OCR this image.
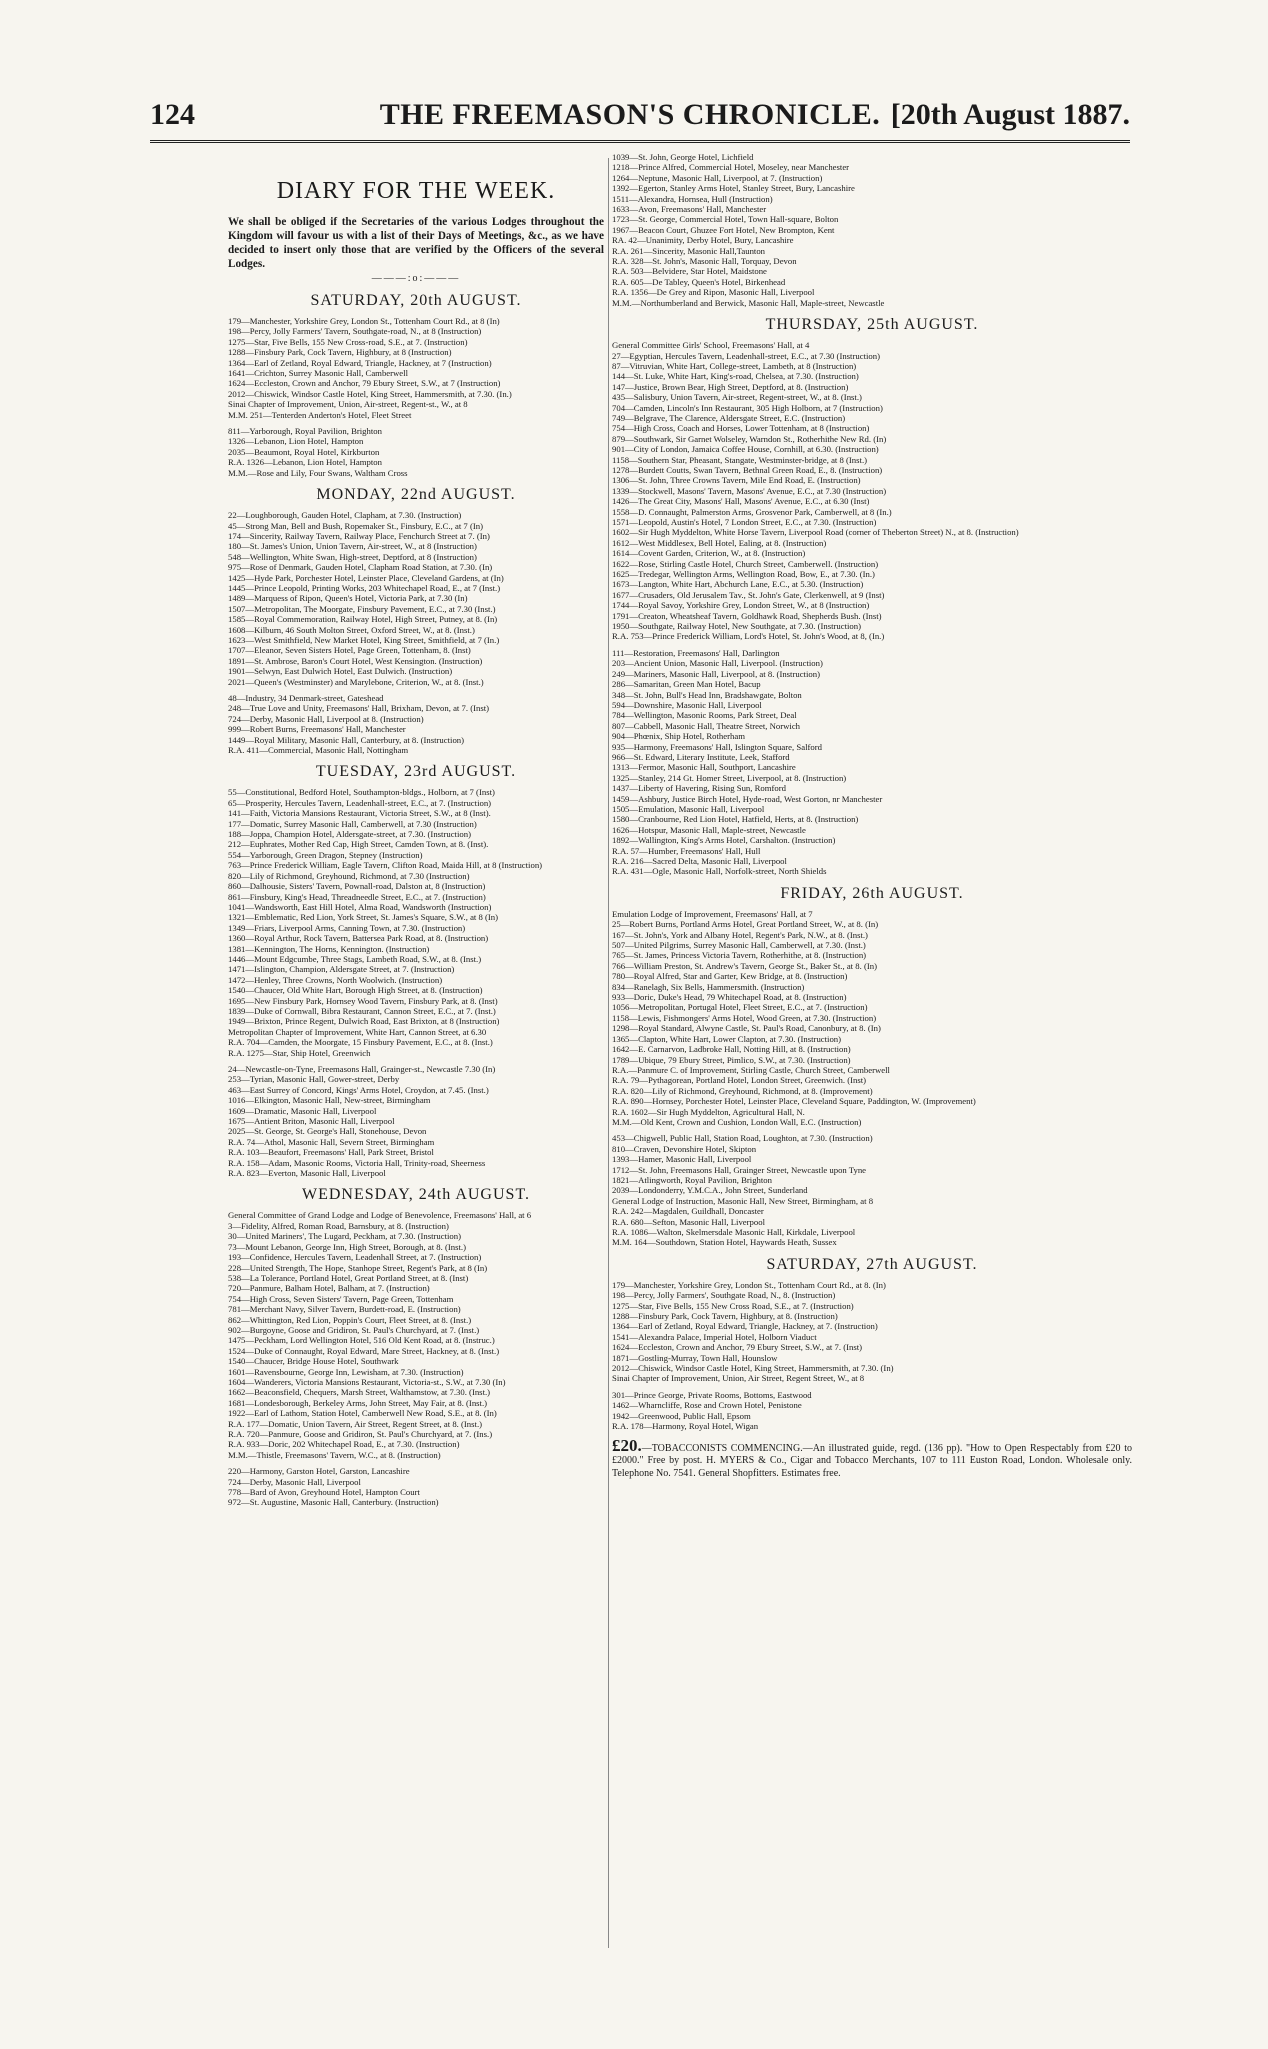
124	THE FREEMASON'S CHRONICLE. [20th August 1887.
DIARY FOR THE WEEK.
We shall be obliged if the Secretaries of the various Lodges throughout the Kingdom will favour us with a list of their Days of Meetings, &c., as we have decided to insert only those that are verified by the Officers of the several Lodges.
———:o:———
SATURDAY, 20th AUGUST.
179—Manchester, Yorkshire Grey, London St., Tottenham Court Rd., at 8 (In)
198—Percy, Jolly Farmers' Tavern, Southgate-road, N., at 8 (Instruction)
1275—Star, Five Bells, 155 New Cross-road, S.E., at 7. (Instruction)
1288—Finsbury Park, Cock Tavern, Highbury, at 8 (Instruction)
1364—Earl of Zetland, Royal Edward, Triangle, Hackney, at 7 (Instruction)
1641—Crichton, Surrey Masonic Hall, Camberwell
1624—Eccleston, Crown and Anchor, 79 Ebury Street, S.W., at 7 (Instruction)
2012—Chiswick, Windsor Castle Hotel, King Street, Hammersmith, at 7.30. (In.)
Sinai Chapter of Improvement, Union, Air-street, Regent-st., W., at 8
M.M. 251—Tenterden Anderton's Hotel, Fleet Street
811—Yarborough, Royal Pavilion, Brighton
1326—Lebanon, Lion Hotel, Hampton
2035—Beaumont, Royal Hotel, Kirkburton
R.A. 1326—Lebanon, Lion Hotel, Hampton
M.M.—Rose and Lily, Four Swans, Waltham Cross
MONDAY, 22nd AUGUST.
22—Loughborough, Gauden Hotel, Clapham, at 7.30. (Instruction)
45—Strong Man, Bell and Bush, Ropemaker St., Finsbury, E.C., at 7 (In)
174—Sincerity, Railway Tavern, Railway Place, Fenchurch Street at 7. (In)
180—St. James's Union, Union Tavern, Air-street, W., at 8 (Instruction)
548—Wellington, White Swan, High-street, Deptford, at 8 (Instruction)
975—Rose of Denmark, Gauden Hotel, Clapham Road Station, at 7.30. (In)
1425—Hyde Park, Porchester Hotel, Leinster Place, Cleveland Gardens, at (In)
1445—Prince Leopold, Printing Works, 203 Whitechapel Road, E., at 7 (Inst.)
1489—Marquess of Ripon, Queen's Hotel, Victoria Park, at 7.30 (In)
1507—Metropolitan, The Moorgate, Finsbury Pavement, E.C., at 7.30 (Inst.)
1585—Royal Commemoration, Railway Hotel, High Street, Putney, at 8. (In)
1608—Kilburn, 46 South Molton Street, Oxford Street, W., at 8. (Inst.)
1623—West Smithfield, New Market Hotel, King Street, Smithfield, at 7 (In.)
1707—Eleanor, Seven Sisters Hotel, Page Green, Tottenham, 8. (Inst)
1891—St. Ambrose, Baron's Court Hotel, West Kensington. (Instruction)
1901—Selwyn, East Dulwich Hotel, East Dulwich. (Instruction)
2021—Queen's (Westminster) and Marylebone, Criterion, W., at 8. (Inst.)
48—Industry, 34 Denmark-street, Gateshead
248—True Love and Unity, Freemasons' Hall, Brixham, Devon, at 7. (Inst)
724—Derby, Masonic Hall, Liverpool at 8. (Instruction)
999—Robert Burns, Freemasons' Hall, Manchester
1449—Royal Military, Masonic Hall, Canterbury, at 8. (Instruction)
R.A. 411—Commercial, Masonic Hall, Nottingham
TUESDAY, 23rd AUGUST.
55—Constitutional, Bedford Hotel, Southampton-bldgs., Holborn, at 7 (Inst)
65—Prosperity, Hercules Tavern, Leadenhall-street, E.C., at 7. (Instruction)
141—Faith, Victoria Mansions Restaurant, Victoria Street, S.W., at 8 (Inst).
177—Domatic, Surrey Masonic Hall, Camberwell, at 7.30 (Instruction)
188—Joppa, Champion Hotel, Aldersgate-street, at 7.30. (Instruction)
212—Euphrates, Mother Red Cap, High Street, Camden Town, at 8. (Inst).
554—Yarborough, Green Dragon, Stepney (Instruction)
763—Prince Frederick William, Eagle Tavern, Clifton Road, Maida Hill, at 8 (Instruction)
820—Lily of Richmond, Greyhound, Richmond, at 7.30 (Instruction)
860—Dalhousie, Sisters' Tavern, Pownall-road, Dalston at, 8 (Instruction)
861—Finsbury, King's Head, Threadneedle Street, E.C., at 7. (Instruction)
1041—Wandsworth, East Hill Hotel, Alma Road, Wandsworth (Instruction)
1321—Emblematic, Red Lion, York Street, St. James's Square, S.W., at 8 (In)
1349—Friars, Liverpool Arms, Canning Town, at 7.30. (Instruction)
1360—Royal Arthur, Rock Tavern, Battersea Park Road, at 8. (Instruction)
1381—Kennington, The Horns, Kennington. (Instruction)
1446—Mount Edgcumbe, Three Stags, Lambeth Road, S.W., at 8. (Inst.)
1471—Islington, Champion, Aldersgate Street, at 7. (Instruction)
1472—Henley, Three Crowns, North Woolwich. (Instruction)
1540—Chaucer, Old White Hart, Borough High Street, at 8. (Instruction)
1695—New Finsbury Park, Hornsey Wood Tavern, Finsbury Park, at 8. (Inst)
1839—Duke of Cornwall, Bibra Restaurant, Cannon Street, E.C., at 7. (Inst.)
1949—Brixton, Prince Regent, Dulwich Road, East Brixton, at 8 (Instruction)
Metropolitan Chapter of Improvement, White Hart, Cannon Street, at 6.30
R.A. 704—Camden, the Moorgate, 15 Finsbury Pavement, E.C., at 8. (Inst.)
R.A. 1275—Star, Ship Hotel, Greenwich
24—Newcastle-on-Tyne, Freemasons Hall, Grainger-st., Newcastle 7.30 (In)
253—Tyrian, Masonic Hall, Gower-street, Derby
463—East Surrey of Concord, Kings' Arms Hotel, Croydon, at 7.45. (Inst.)
1016—Elkington, Masonic Hall, New-street, Birmingham
1609—Dramatic, Masonic Hall, Liverpool
1675—Antient Briton, Masonic Hall, Liverpool
2025—St. George, St. George's Hall, Stonehouse, Devon
R.A. 74—Athol, Masonic Hall, Severn Street, Birmingham
R.A. 103—Beaufort, Freemasons' Hall, Park Street, Bristol
R.A. 158—Adam, Masonic Rooms, Victoria Hall, Trinity-road, Sheerness
R.A. 823—Everton, Masonic Hall, Liverpool
WEDNESDAY, 24th AUGUST.
General Committee of Grand Lodge and Lodge of Benevolence, Freemasons' Hall, at 6
3—Fidelity, Alfred, Roman Road, Barnsbury, at 8. (Instruction)
30—United Mariners', The Lugard, Peckham, at 7.30. (Instruction)
73—Mount Lebanon, George Inn, High Street, Borough, at 8. (Inst.)
193—Confidence, Hercules Tavern, Leadenhall Street, at 7. (Instruction)
228—United Strength, The Hope, Stanhope Street, Regent's Park, at 8 (In)
538—La Tolerance, Portland Hotel, Great Portland Street, at 8. (Inst)
720—Panmure, Balham Hotel, Balham, at 7. (Instruction)
754—High Cross, Seven Sisters' Tavern, Page Green, Tottenham
781—Merchant Navy, Silver Tavern, Burdett-road, E. (Instruction)
862—Whittington, Red Lion, Poppin's Court, Fleet Street, at 8. (Inst.)
902—Burgoyne, Goose and Gridiron, St. Paul's Churchyard, at 7. (Inst.)
1475—Peckham, Lord Wellington Hotel, 516 Old Kent Road, at 8. (Instruc.)
1524—Duke of Connaught, Royal Edward, Mare Street, Hackney, at 8. (Inst.)
1540—Chaucer, Bridge House Hotel, Southwark
1601—Ravensbourne, George Inn, Lewisham, at 7.30. (Instruction)
1604—Wanderers, Victoria Mansions Restaurant, Victoria-st., S.W., at 7.30 (In)
1662—Beaconsfield, Chequers, Marsh Street, Walthamstow, at 7.30. (Inst.)
1681—Londesborough, Berkeley Arms, John Street, May Fair, at 8. (Inst.)
1922—Earl of Lathom, Station Hotel, Camberwell New Road, S.E., at 8. (In)
R.A. 177—Domatic, Union Tavern, Air Street, Regent Street, at 8. (Inst.)
R.A. 720—Panmure, Goose and Gridiron, St. Paul's Churchyard, at 7. (Ins.)
R.A. 933—Doric, 202 Whitechapel Road, E., at 7.30. (Instruction)
M.M.—Thistle, Freemasons' Tavern, W.C., at 8. (Instruction)
220—Harmony, Garston Hotel, Garston, Lancashire
724—Derby, Masonic Hall, Liverpool
778—Bard of Avon, Greyhound Hotel, Hampton Court
972—St. Augustine, Masonic Hall, Canterbury. (Instruction)
1039—St. John, George Hotel, Lichfield
1218—Prince Alfred, Commercial Hotel, Moseley, near Manchester
1264—Neptune, Masonic Hall, Liverpool, at 7. (Instruction)
1392—Egerton, Stanley Arms Hotel, Stanley Street, Bury, Lancashire
1511—Alexandra, Hornsea, Hull (Instruction)
1633—Avon, Freemasons' Hall, Manchester
1723—St. George, Commercial Hotel, Town Hall-square, Bolton
1967—Beacon Court, Ghuzee Fort Hotel, New Brompton, Kent
RA. 42—Unanimity, Derby Hotel, Bury, Lancashire
R.A. 261—Sincerity, Masonic Hall,Taunton
R.A. 328—St. John's, Masonic Hall, Torquay, Devon
R.A. 503—Belvidere, Star Hotel, Maidstone
R.A. 605—De Tabley, Queen's Hotel, Birkenhead
R.A. 1356—De Grey and Ripon, Masonic Hall, Liverpool
M.M.—Northumberland and Berwick, Masonic Hall, Maple-street, Newcastle
THURSDAY, 25th AUGUST.
General Committee Girls' School, Freemasons' Hall, at 4
27—Egyptian, Hercules Tavern, Leadenhall-street, E.C., at 7.30 (Instruction)
87—Vitruvian, White Hart, College-street, Lambeth, at 8 (Instruction)
144—St. Luke, White Hart, King's-road, Chelsea, at 7.30. (Instruction)
147—Justice, Brown Bear, High Street, Deptford, at 8. (Instruction)
435—Salisbury, Union Tavern, Air-street, Regent-street, W., at 8. (Inst.)
704—Camden, Lincoln's Inn Restaurant, 305 High Holborn, at 7 (Instruction)
749—Belgrave, The Clarence, Aldersgate Street, E.C. (Instruction)
754—High Cross, Coach and Horses, Lower Tottenham, at 8 (Instruction)
879—Southwark, Sir Garnet Wolseley, Warndon St., Rotherhithe New Rd. (In)
901—City of London, Jamaica Coffee House, Cornhill, at 6.30. (Instruction)
1158—Southern Star, Pheasant, Stangate, Westminster-bridge, at 8 (Inst.)
1278—Burdett Coutts, Swan Tavern, Bethnal Green Road, E., 8. (Instruction)
1306—St. John, Three Crowns Tavern, Mile End Road, E. (Instruction)
1339—Stockwell, Masons' Tavern, Masons' Avenue, E.C., at 7.30 (Instruction)
1426—The Great City, Masons' Hall, Masons' Avenue, E.C., at 6.30 (Inst)
1558—D. Connaught, Palmerston Arms, Grosvenor Park, Camberwell, at 8 (In.)
1571—Leopold, Austin's Hotel, 7 London Street, E.C., at 7.30. (Instruction)
1602—Sir Hugh Myddelton, White Horse Tavern, Liverpool Road (corner of Theberton Street) N., at 8. (Instruction)
1612—West Middlesex, Bell Hotel, Ealing, at 8. (Instruction)
1614—Covent Garden, Criterion, W., at 8. (Instruction)
1622—Rose, Stirling Castle Hotel, Church Street, Camberwell. (Instruction)
1625—Tredegar, Wellington Arms, Wellington Road, Bow, E., at 7.30. (In.)
1673—Langton, White Hart, Abchurch Lane, E.C., at 5.30. (Instruction)
1677—Crusaders, Old Jerusalem Tav., St. John's Gate, Clerkenwell, at 9 (Inst)
1744—Royal Savoy, Yorkshire Grey, London Street, W., at 8 (Instruction)
1791—Creaton, Wheatsheaf Tavern, Goldhawk Road, Shepherds Bush. (Inst)
1950—Southgate, Railway Hotel, New Southgate, at 7.30. (Instruction)
R.A. 753—Prince Frederick William, Lord's Hotel, St. John's Wood, at 8, (In.)
111—Restoration, Freemasons' Hall, Darlington
203—Ancient Union, Masonic Hall, Liverpool. (Instruction)
249—Mariners, Masonic Hall, Liverpool, at 8. (Instruction)
286—Samaritan, Green Man Hotel, Bacup
348—St. John, Bull's Head Inn, Bradshawgate, Bolton
594—Downshire, Masonic Hall, Liverpool
784—Wellington, Masonic Rooms, Park Street, Deal
807—Cabbell, Masonic Hall, Theatre Street, Norwich
904—Phœnix, Ship Hotel, Rotherham
935—Harmony, Freemasons' Hall, Islington Square, Salford
966—St. Edward, Literary Institute, Leek, Stafford
1313—Fermor, Masonic Hall, Southport, Lancashire
1325—Stanley, 214 Gt. Homer Street, Liverpool, at 8. (Instruction)
1437—Liberty of Havering, Rising Sun, Romford
1459—Ashbury, Justice Birch Hotel, Hyde-road, West Gorton, nr Manchester
1505—Emulation, Masonic Hall, Liverpool
1580—Cranbourne, Red Lion Hotel, Hatfield, Herts, at 8. (Instruction)
1626—Hotspur, Masonic Hall, Maple-street, Newcastle
1892—Wallington, King's Arms Hotel, Carshalton. (Instruction)
R.A. 57—Humber, Freemasons' Hall, Hull
R.A. 216—Sacred Delta, Masonic Hall, Liverpool
R.A. 431—Ogle, Masonic Hall, Norfolk-street, North Shields
FRIDAY, 26th AUGUST.
Emulation Lodge of Improvement, Freemasons' Hall, at 7
25—Robert Burns, Portland Arms Hotel, Great Portland Street, W., at 8. (In)
167—St. John's, York and Albany Hotel, Regent's Park, N.W., at 8. (Inst.)
507—United Pilgrims, Surrey Masonic Hall, Camberwell, at 7.30. (Inst.)
765—St. James, Princess Victoria Tavern, Rotherhithe, at 8. (Instruction)
766—William Preston, St. Andrew's Tavern, George St., Baker St., at 8. (In)
780—Royal Alfred, Star and Garter, Kew Bridge, at 8. (Instruction)
834—Ranelagh, Six Bells, Hammersmith. (Instruction)
933—Doric, Duke's Head, 79 Whitechapel Road, at 8. (Instruction)
1056—Metropolitan, Portugal Hotel, Fleet Street, E.C., at 7. (Instruction)
1158—Lewis, Fishmongers' Arms Hotel, Wood Green, at 7.30. (Instruction)
1298—Royal Standard, Alwyne Castle, St. Paul's Road, Canonbury, at 8. (In)
1365—Clapton, White Hart, Lower Clapton, at 7.30. (Instruction)
1642—E. Carnarvon, Ladbroke Hall, Notting Hill, at 8. (Instruction)
1789—Ubique, 79 Ebury Street, Pimlico, S.W., at 7.30. (Instruction)
R.A.—Panmure C. of Improvement, Stirling Castle, Church Street, Camberwell
R.A. 79—Pythagorean, Portland Hotel, London Street, Greenwich. (Inst)
R.A. 820—Lily of Richmond, Greyhound, Richmond, at 8. (Improvement)
R.A. 890—Hornsey, Porchester Hotel, Leinster Place, Cleveland Square, Paddington, W. (Improvement)
R.A. 1602—Sir Hugh Myddelton, Agricultural Hall, N.
M.M.—Old Kent, Crown and Cushion, London Wall, E.C. (Instruction)
453—Chigwell, Public Hall, Station Road, Loughton, at 7.30. (Instruction)
810—Craven, Devonshire Hotel, Skipton
1393—Hamer, Masonic Hall, Liverpool
1712—St. John, Freemasons Hall, Grainger Street, Newcastle upon Tyne
1821—Atlingworth, Royal Pavilion, Brighton
2039—Londonderry, Y.M.C.A., John Street, Sunderland
General Lodge of Instruction, Masonic Hall, New Street, Birmingham, at 8
R.A. 242—Magdalen, Guildhall, Doncaster
R.A. 680—Sefton, Masonic Hall, Liverpool
R.A. 1086—Walton, Skelmersdale Masonic Hall, Kirkdale, Liverpool
M.M. 164—Southdown, Station Hotel, Haywards Heath, Sussex
SATURDAY, 27th AUGUST.
179—Manchester, Yorkshire Grey, London St., Tottenham Court Rd., at 8. (In)
198—Percy, Jolly Farmers', Southgate Road, N., 8. (Instruction)
1275—Star, Five Bells, 155 New Cross Road, S.E., at 7. (Instruction)
1288—Finsbury Park, Cock Tavern, Highbury, at 8. (Instruction)
1364—Earl of Zetland, Royal Edward, Triangle, Hackney, at 7. (Instruction)
1541—Alexandra Palace, Imperial Hotel, Holborn Viaduct
1624—Eccleston, Crown and Anchor, 79 Ebury Street, S.W., at 7. (Inst)
1871—Gostling-Murray, Town Hall, Hounslow
2012—Chiswick, Windsor Castle Hotel, King Street, Hammersmith, at 7.30. (In)
Sinai Chapter of Improvement, Union, Air Street, Regent Street, W., at 8
301—Prince George, Private Rooms, Bottoms, Eastwood
1462—Wharncliffe, Rose and Crown Hotel, Penistone
1942—Greenwood, Public Hall, Epsom
R.A. 178—Harmony, Royal Hotel, Wigan
£20.—TOBACCONISTS COMMENCING.—An illustrated guide, regd. (136 pp). "How to Open Respectably from £20 to £2000." Free by post. H. MYERS & Co., Cigar and Tobacco Merchants, 107 to 111 Euston Road, London. Wholesale only. Telephone No. 7541. General Shopfitters. Estimates free.
